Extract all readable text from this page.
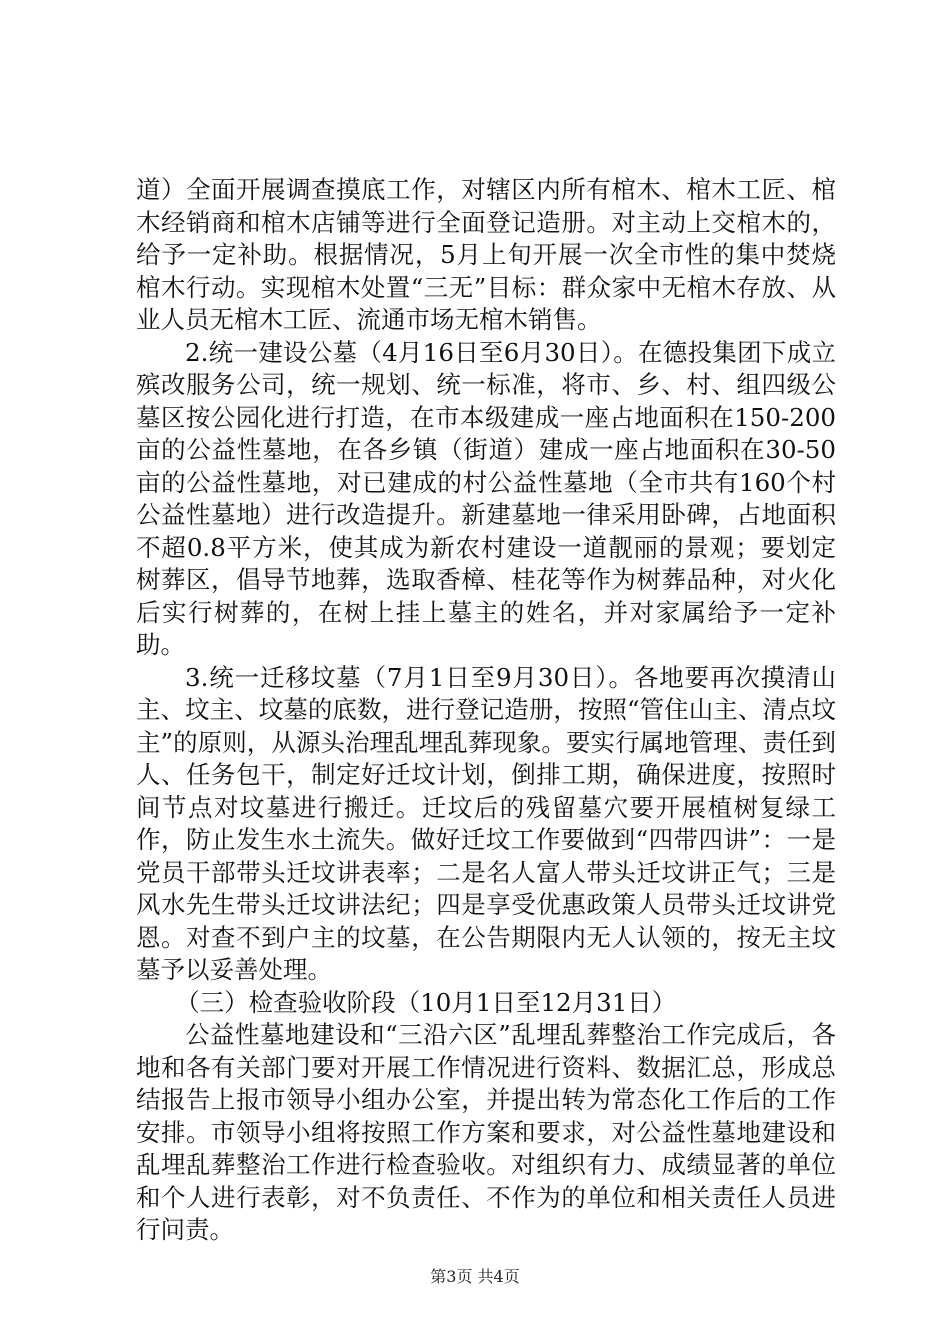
道）全面开展调查摸底工作，对辖区内所有棺木、棺木工匠、棺木经销商和棺木店铺等进行全面登记造册。对主动上交棺木的，给予一定补助。根据情况，5月上旬开展一次全市性的集中焚烧棺木行动。实现棺木处置“三无”目标：群众家中无棺木存放、从业人员无棺木工匠、流通市场无棺木销售。

2.统一建设公墓（4月16日至6月30日）。在德投集团下成立殡改服务公司，统一规划、统一标准，将市、乡、村、组四级公墓区按公园化进行打造，在市本级建成一座占地面积在150-200亩的公益性墓地，在各乡镇（街道）建成一座占地面积在30-50亩的公益性墓地，对已建成的村公益性墓地（全市共有160个村公益性墓地）进行改造提升。新建墓地一律采用卧碑，占地面积不超0.8平方米，使其成为新农村建设一道靓丽的景观；要划定树葬区，倡导节地葬，选取香樟、桂花等作为树葬品种，对火化后实行树葬的，在树上挂上墓主的姓名，并对家属给予一定补助。

3.统一迁移坟墓（7月1日至9月30日）。各地要再次摸清山主、坟主、坟墓的底数，进行登记造册，按照“管住山主、清点坟主”的原则，从源头治理乱埋乱葬现象。要实行属地管理、责任到人、任务包干，制定好迁坟计划，倒排工期，确保进度，按照时间节点对坟墓进行搬迁。迁坟后的残留墓穴要开展植树复绿工作，防止发生水土流失。做好迁坟工作要做到“四带四讲”：一是党员干部带头迁坟讲表率；二是名人富人带头迁坟讲正气；三是风水先生带头迁坟讲法纪；四是享受优惠政策人员带头迁坟讲党恩。对查不到户主的坟墓，在公告期限内无人认领的，按无主坟墓予以妥善处理。

（三）检查验收阶段（10月1日至12月31日）

公益性墓地建设和“三沿六区”乱埋乱葬整治工作完成后，各地和各有关部门要对开展工作情况进行资料、数据汇总，形成总结报告上报市领导小组办公室，并提出转为常态化工作后的工作安排。市领导小组将按照工作方案和要求，对公益性墓地建设和乱埋乱葬整治工作进行检查验收。对组织有力、成绩显著的单位和个人进行表彰，对不负责任、不作为的单位和相关责任人员进行问责。

第3页 共4页
